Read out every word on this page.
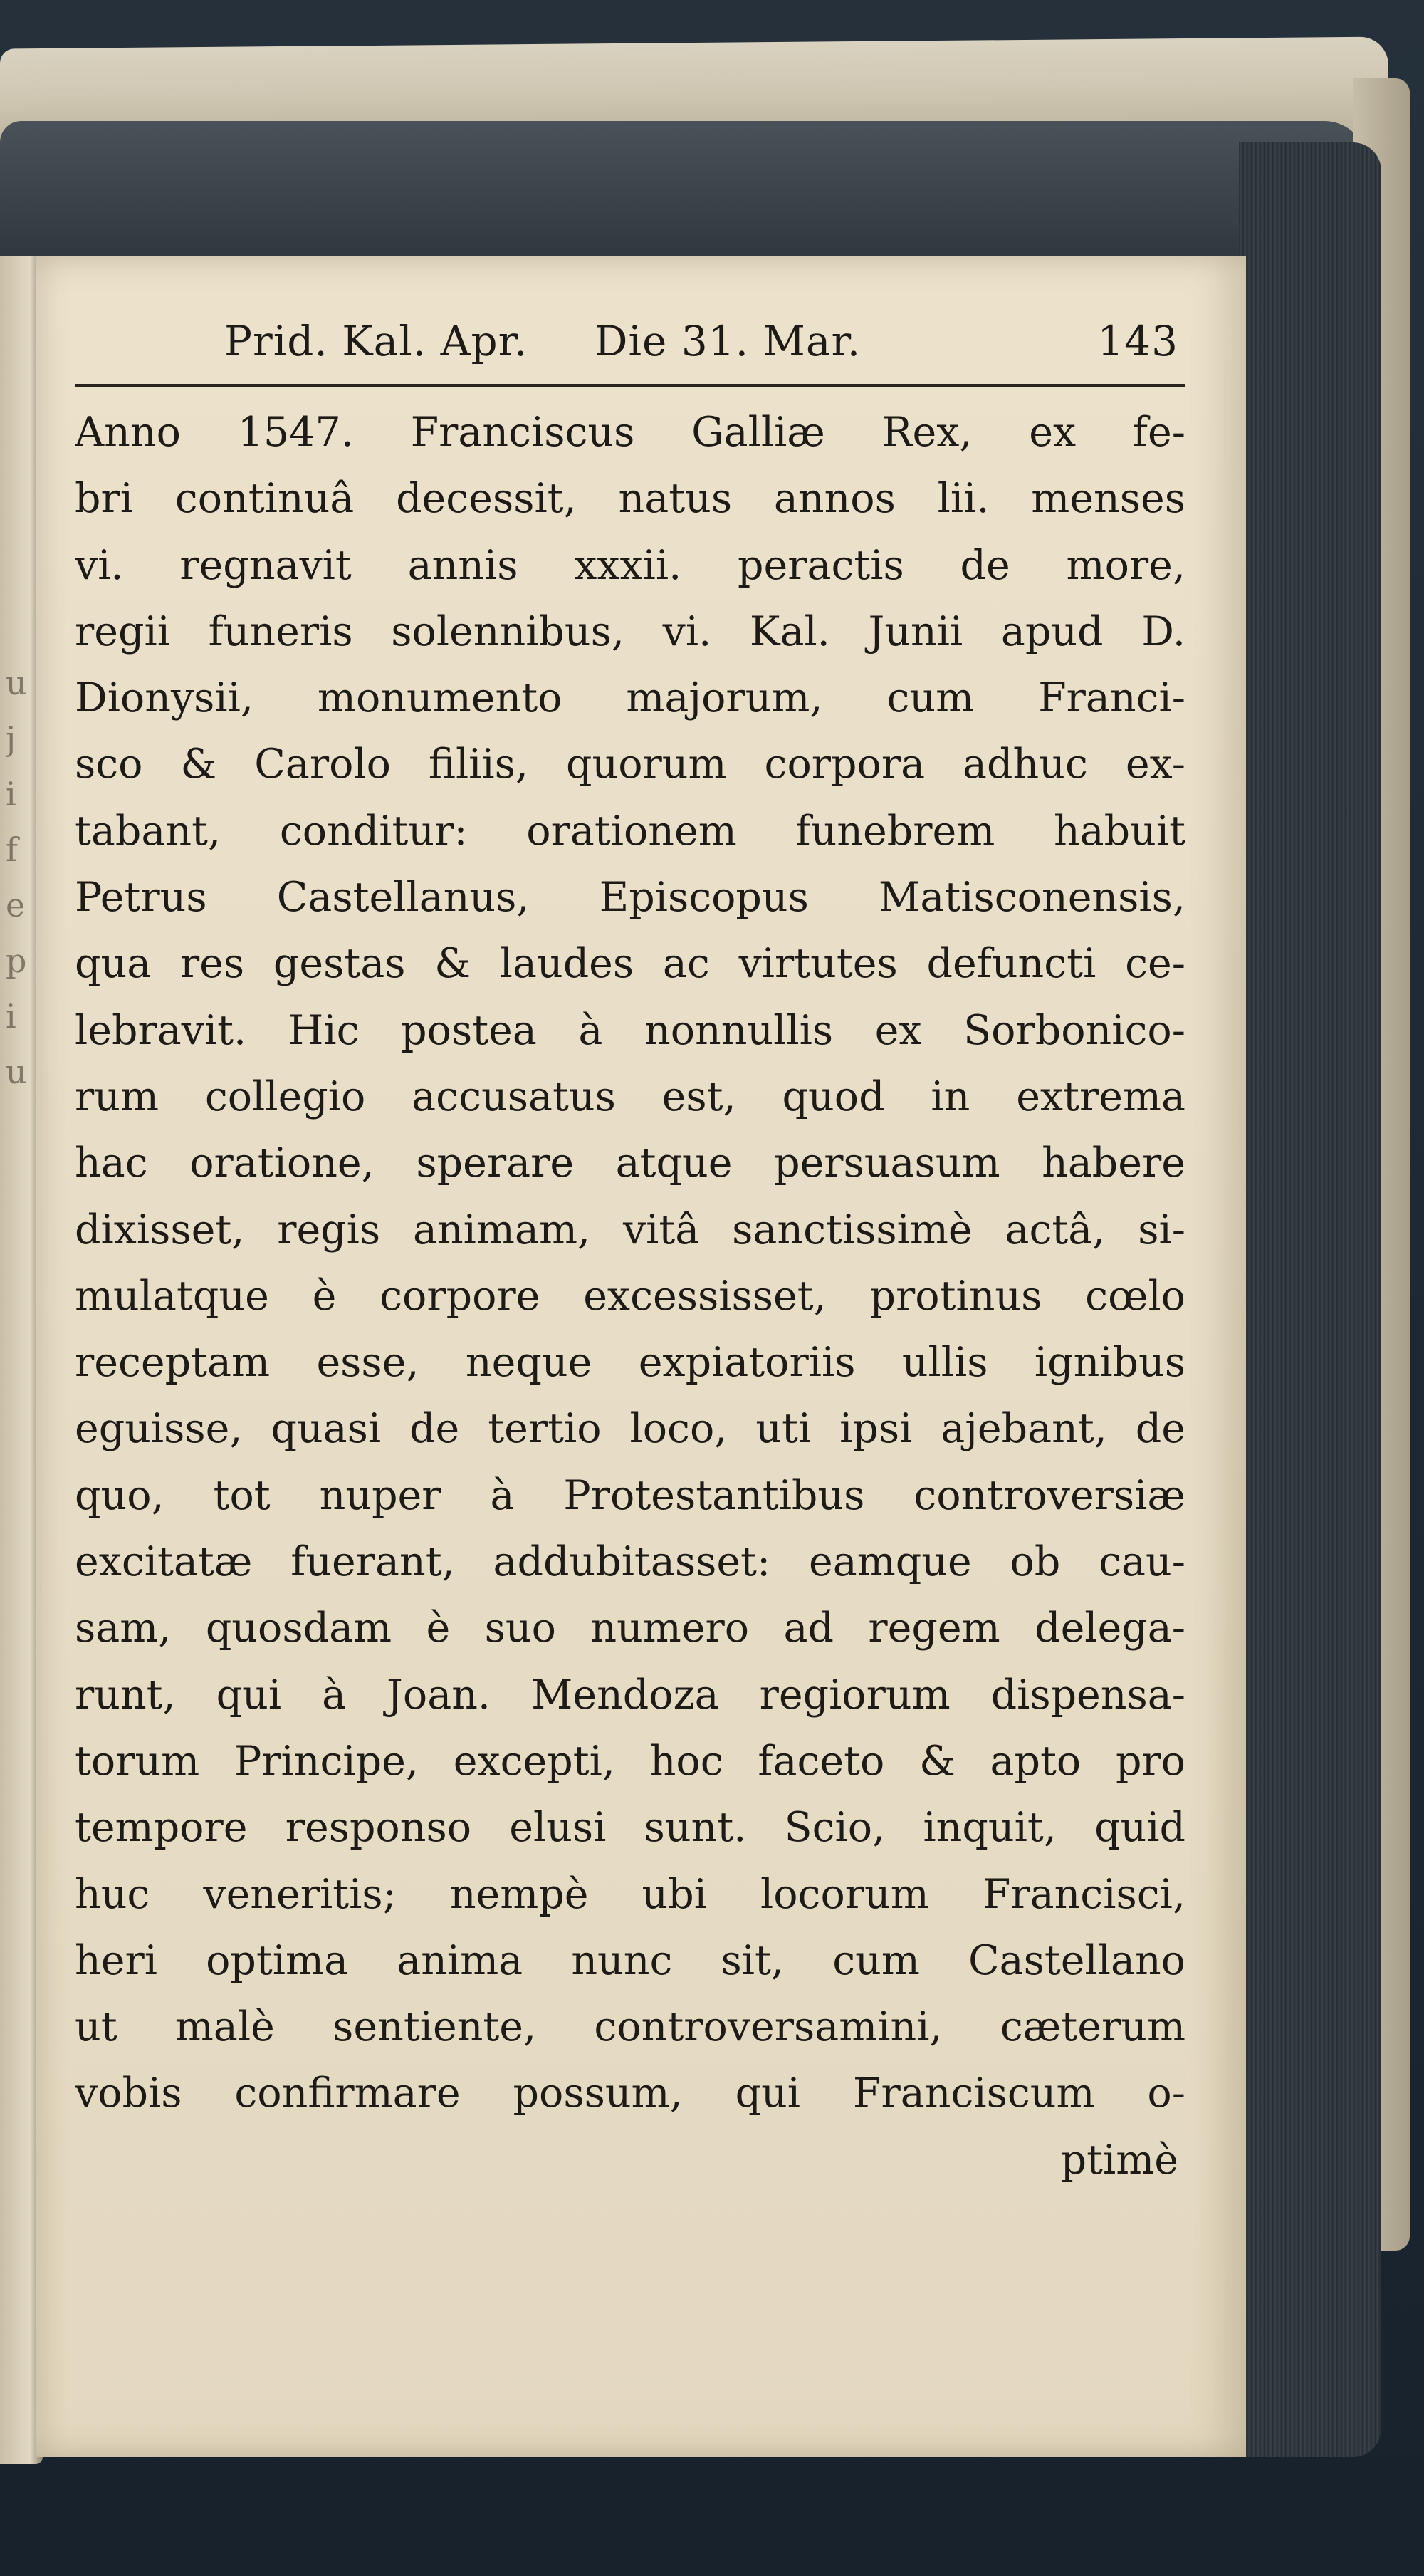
u j i f e p i u
Prid. Kal. Apr. Die 31. Mar.	143
Anno 1547. Franciscus Galliæ Rex, ex fe-
bri continuâ decessit, natus annos lii. menses
vi. regnavit annis xxxii. peractis de more,
regii funeris solennibus, vi. Kal. Junii apud D.
Dionysii, monumento majorum, cum Franci-
sco & Carolo filiis, quorum corpora adhuc ex-
tabant, conditur: orationem funebrem habuit
Petrus Castellanus, Episcopus Matisconensis,
qua res gestas & laudes ac virtutes defuncti ce-
lebravit. Hic postea à nonnullis ex Sorbonico-
rum collegio accusatus est, quod in extrema
hac oratione, sperare atque persuasum habere
dixisset, regis animam, vitâ sanctissimè actâ, si-
mulatque è corpore excessisset, protinus cœlo
receptam esse, neque expiatoriis ullis ignibus
eguisse, quasi de tertio loco, uti ipsi ajebant, de
quo, tot nuper à Protestantibus controversiæ
excitatæ fuerant, addubitasset: eamque ob cau-
sam, quosdam è suo numero ad regem delega-
runt, qui à Joan. Mendoza regiorum dispensa-
torum Principe, excepti, hoc faceto & apto pro
tempore responso elusi sunt. Scio, inquit, quid
huc veneritis; nempè ubi locorum Francisci,
heri optima anima nunc sit, cum Castellano
ut malè sentiente, controversamini, cæterum
vobis confirmare possum, qui Franciscum o-
ptimè
